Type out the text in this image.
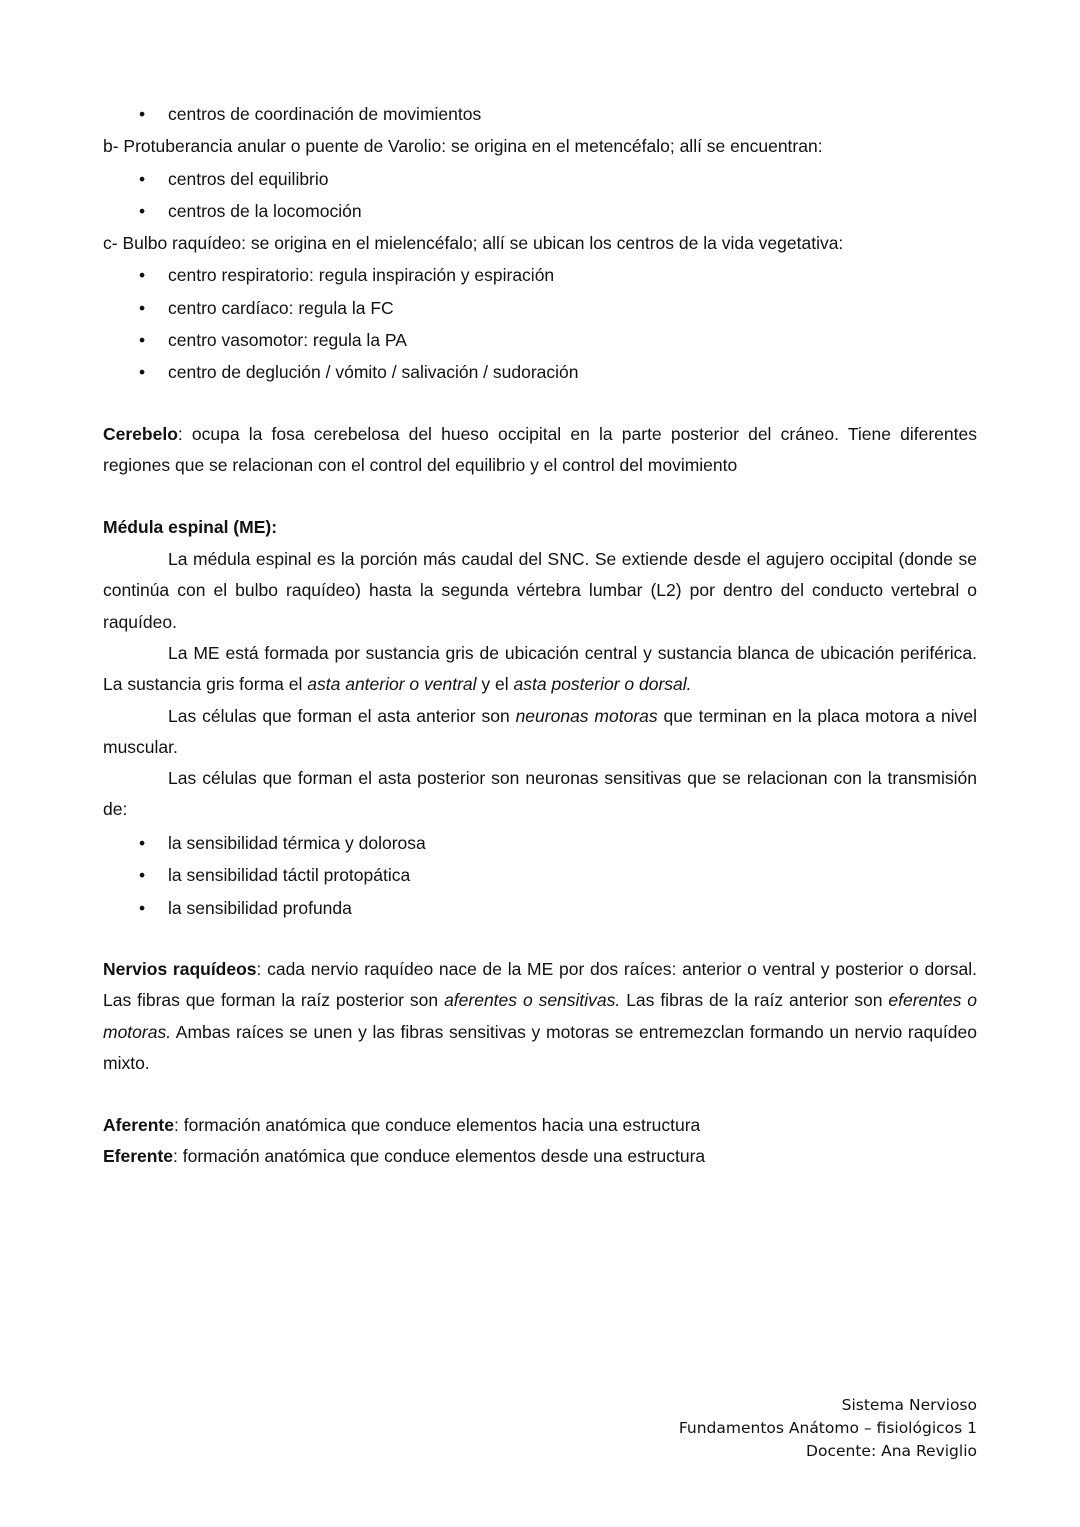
• centros de coordinación de movimientos
b- Protuberancia anular o puente de Varolio: se origina en el metencéfalo; allí se encuentran:
• centros del equilibrio
• centros de la locomoción
c- Bulbo raquídeo: se origina en el mielencéfalo; allí se ubican los centros de la vida vegetativa:
• centro respiratorio: regula inspiración y espiración
• centro cardíaco: regula la FC
• centro vasomotor: regula la PA
• centro de deglución / vómito / salivación / sudoración
Cerebelo: ocupa la fosa cerebelosa del hueso occipital en la parte posterior del cráneo. Tiene diferentes regiones que se relacionan con el control del equilibrio y el control del movimiento
Médula espinal (ME):
La médula espinal es la porción más caudal del SNC. Se extiende desde el agujero occipital (donde se continúa con el bulbo raquídeo) hasta la segunda vértebra lumbar (L2) por dentro del conducto vertebral o raquídeo.
La ME está formada por sustancia gris de ubicación central y sustancia blanca de ubicación periférica. La sustancia gris forma el asta anterior o ventral y el asta posterior o dorsal.
Las células que forman el asta anterior son neuronas motoras que terminan en la placa motora a nivel muscular.
Las células que forman el asta posterior son neuronas sensitivas que se relacionan con la transmisión de:
• la sensibilidad térmica y dolorosa
• la sensibilidad táctil protopática
• la sensibilidad profunda
Nervios raquídeos: cada nervio raquídeo nace de la ME por dos raíces: anterior o ventral y posterior o dorsal. Las fibras que forman la raíz posterior son aferentes o sensitivas. Las fibras de la raíz anterior son eferentes o motoras. Ambas raíces se unen y las fibras sensitivas y motoras se entremezclan formando un nervio raquídeo mixto.
Aferente: formación anatómica que conduce elementos hacia una estructura
Eferente: formación anatómica que conduce elementos desde una estructura
Sistema Nervioso
Fundamentos Anátomo – fisiológicos 1
Docente: Ana Reviglio
